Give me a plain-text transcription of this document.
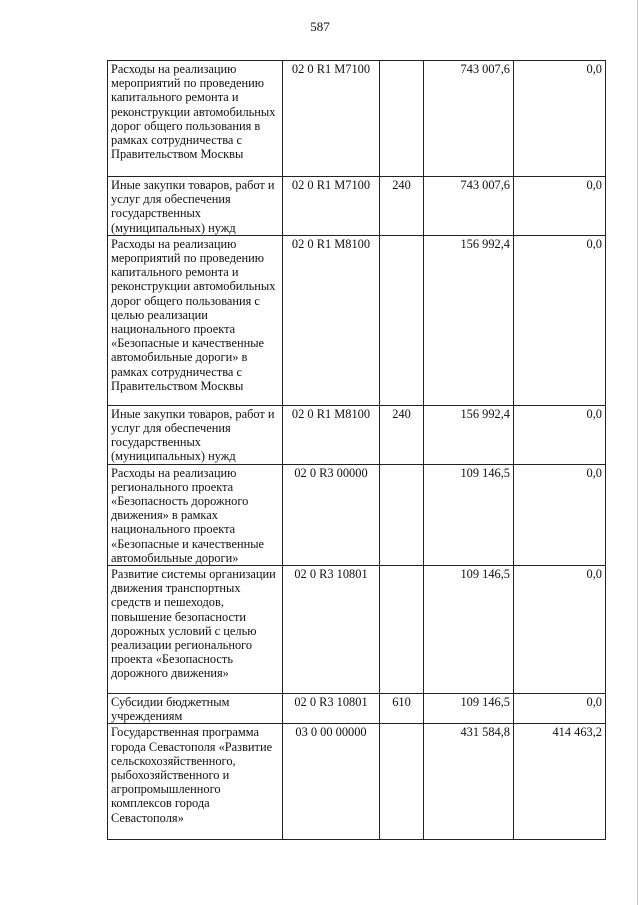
587
Расходы на реализацию мероприятий по проведению капитального ремонта и реконструкции автомобильных дорог общего пользования в рамках сотрудничества с Правительством Москвы	02 0 R1 M7100		743 007,6	0,0
Иные закупки товаров, работ и услуг для обеспечения государственных (муниципальных) нужд	02 0 R1 M7100	240	743 007,6	0,0
Расходы на реализацию мероприятий по проведению капитального ремонта и реконструкции автомобильных дорог общего пользования с целью реализации национального проекта «Безопасные и качественные автомобильные дороги» в рамках сотрудничества с Правительством Москвы	02 0 R1 M8100		156 992,4	0,0
Иные закупки товаров, работ и услуг для обеспечения государственных (муниципальных) нужд	02 0 R1 M8100	240	156 992,4	0,0
Расходы на реализацию регионального проекта «Безопасность дорожного движения» в рамках национального проекта «Безопасные и качественные автомобильные дороги»	02 0 R3 00000		109 146,5	0,0
Развитие системы организации движения транспортных средств и пешеходов, повышение безопасности дорожных условий с целью реализации регионального проекта «Безопасность дорожного движения»	02 0 R3 10801		109 146,5	0,0
Субсидии бюджетным учреждениям	02 0 R3 10801	610	109 146,5	0,0
Государственная программа города Севастополя «Развитие сельскохозяйственного, рыбохозяйственного и агропромышленного комплексов города Севастополя»	03 0 00 00000		431 584,8	414 463,2
